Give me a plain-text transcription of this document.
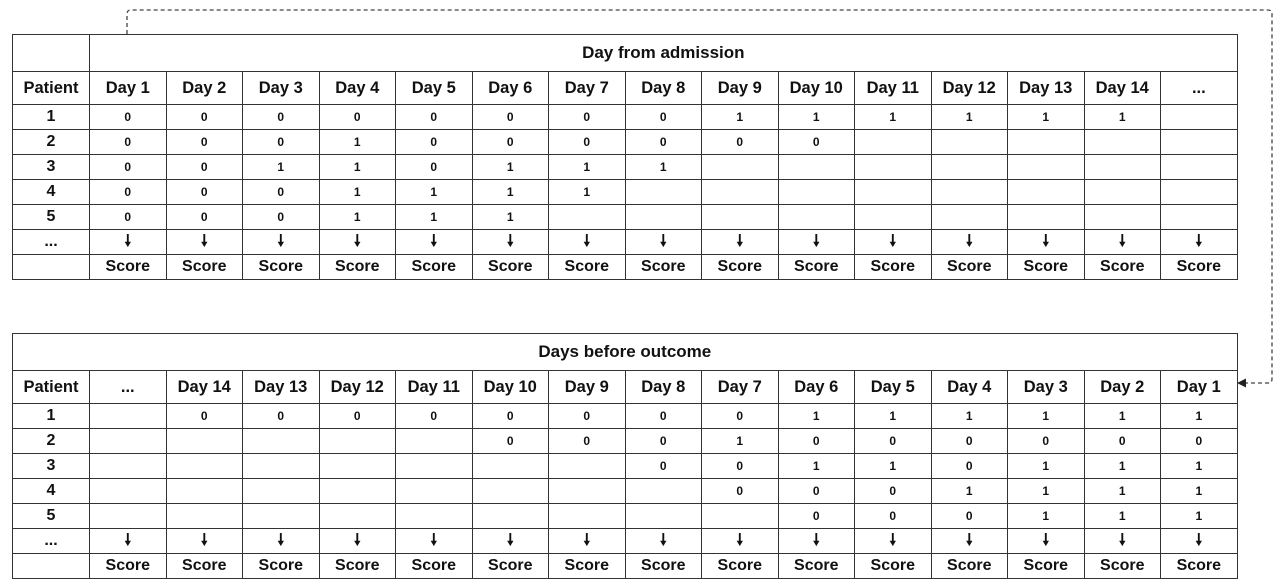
	Day from admission														
Patient	Day 1	Day 2	Day 3	Day 4	Day 5	Day 6	Day 7	Day 8	Day 9	Day 10	Day 11	Day 12	Day 13	Day 14	...
1	0	0	0	0	0	0	0	0	1	1	1	1	1	1	
2	0	0	0	1	0	0	0	0	0	0					
3	0	0	1	1	0	1	1	1							
4	0	0	0	1	1	1	1								
5	0	0	0	1	1	1									
...	🠗	🠗	🠗	🠗	🠗	🠗	🠗	🠗	🠗	🠗	🠗	🠗	🠗	🠗	🠗
	Score	Score	Score	Score	Score	Score	Score	Score	Score	Score	Score	Score	Score	Score	Score
Days before outcome															
Patient	...	Day 14	Day 13	Day 12	Day 11	Day 10	Day 9	Day 8	Day 7	Day 6	Day 5	Day 4	Day 3	Day 2	Day 1
1		0	0	0	0	0	0	0	0	1	1	1	1	1	1
2						0	0	0	1	0	0	0	0	0	0
3								0	0	1	1	0	1	1	1
4									0	0	0	1	1	1	1
5										0	0	0	1	1	1
...	🠗	🠗	🠗	🠗	🠗	🠗	🠗	🠗	🠗	🠗	🠗	🠗	🠗	🠗	🠗
	Score	Score	Score	Score	Score	Score	Score	Score	Score	Score	Score	Score	Score	Score	Score
